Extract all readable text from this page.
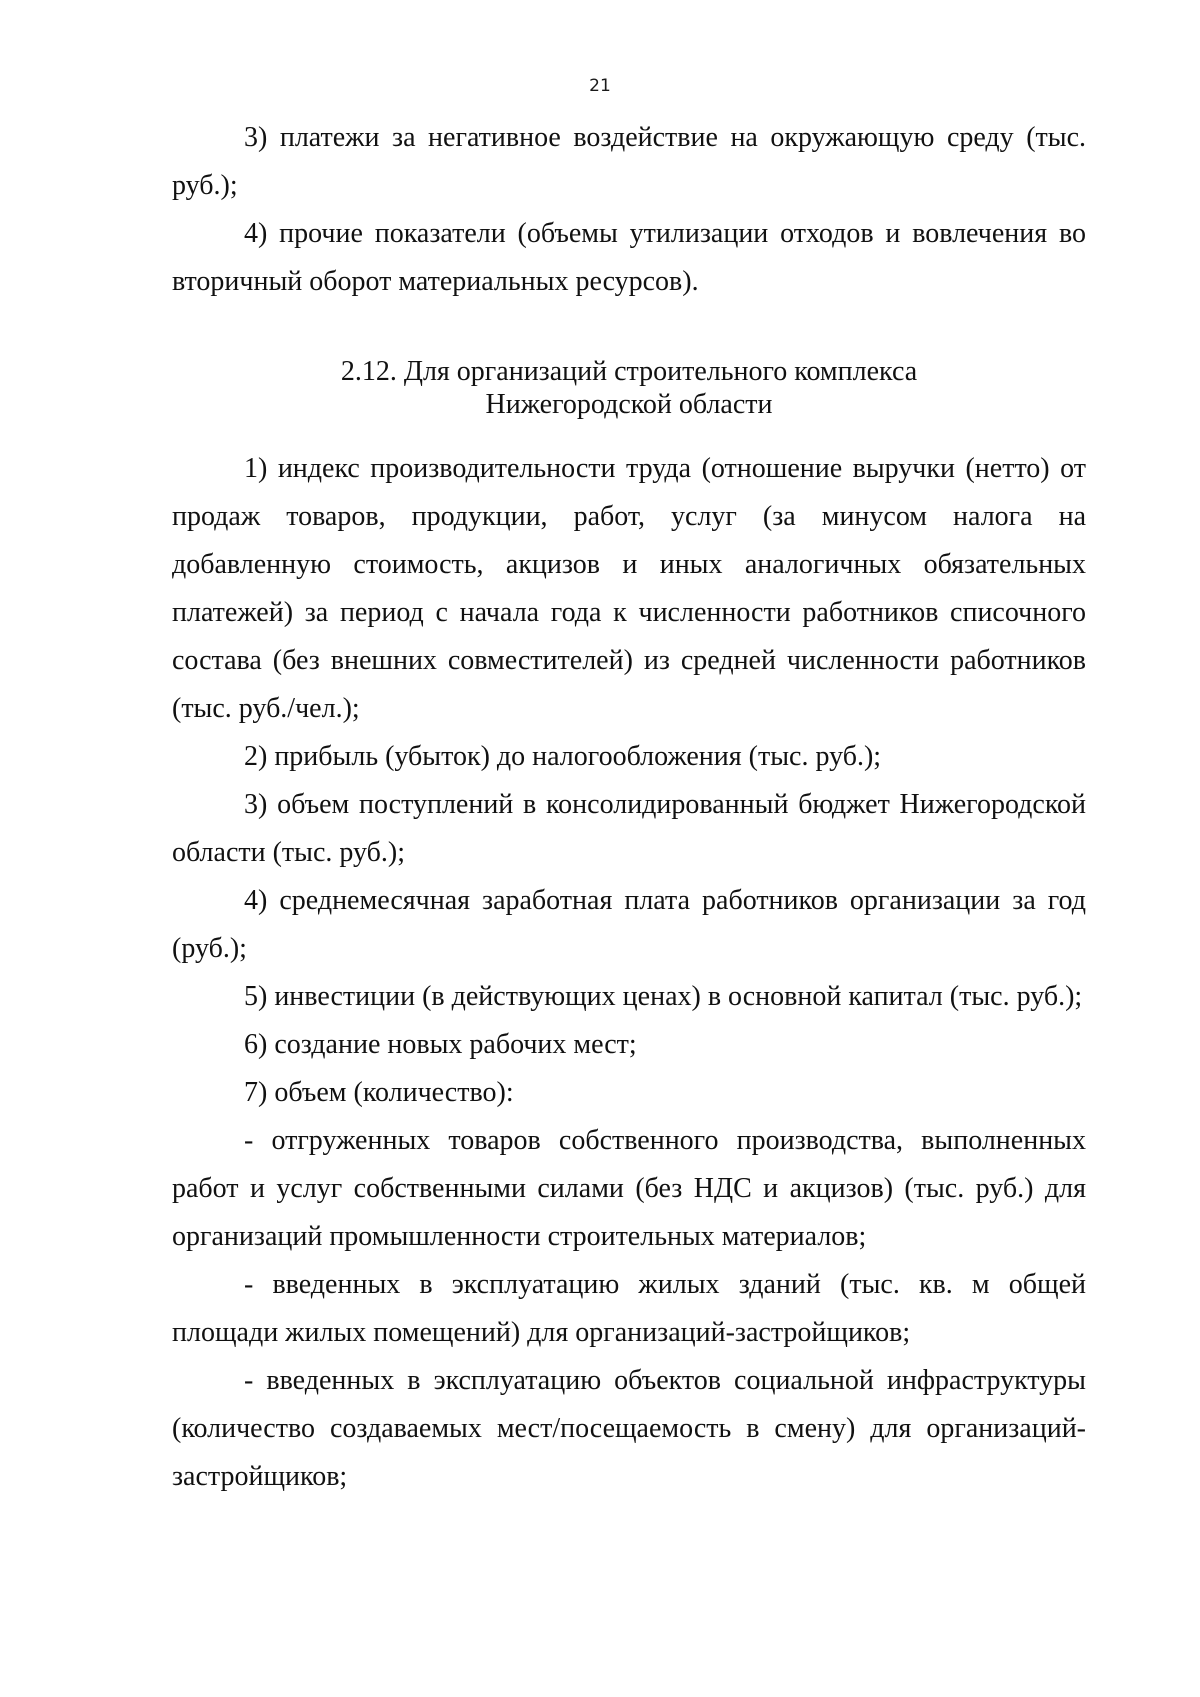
21

3) платежи за негативное воздействие на окружающую среду (тыс. руб.);

4) прочие показатели (объемы утилизации отходов и вовлечения во вторичный оборот материальных ресурсов).

2.12. Для организаций строительного комплекса

Нижегородской области

1) индекс производительности труда (отношение выручки (нетто) от продаж товаров, продукции, работ, услуг (за минусом налога на добавленную стоимость, акцизов и иных аналогичных обязательных платежей) за период с начала года к численности работников списочного состава (без внешних совместителей) из средней численности работников (тыс. руб./чел.);

2) прибыль (убыток) до налогообложения (тыс. руб.);

3) объем поступлений в консолидированный бюджет Нижегородской области (тыс. руб.);

4) среднемесячная заработная плата работников организации за год (руб.);

5) инвестиции (в действующих ценах) в основной капитал (тыс. руб.);

6) создание новых рабочих мест;

7) объем (количество):

- отгруженных товаров собственного производства, выполненных работ и услуг собственными силами (без НДС и акцизов) (тыс. руб.) для организаций промышленности строительных материалов;

- введенных в эксплуатацию жилых зданий (тыс. кв. м общей площади жилых помещений) для организаций-застройщиков;

- введенных в эксплуатацию объектов социальной инфраструктуры (количество создаваемых мест/посещаемость в смену) для организаций-застройщиков;
